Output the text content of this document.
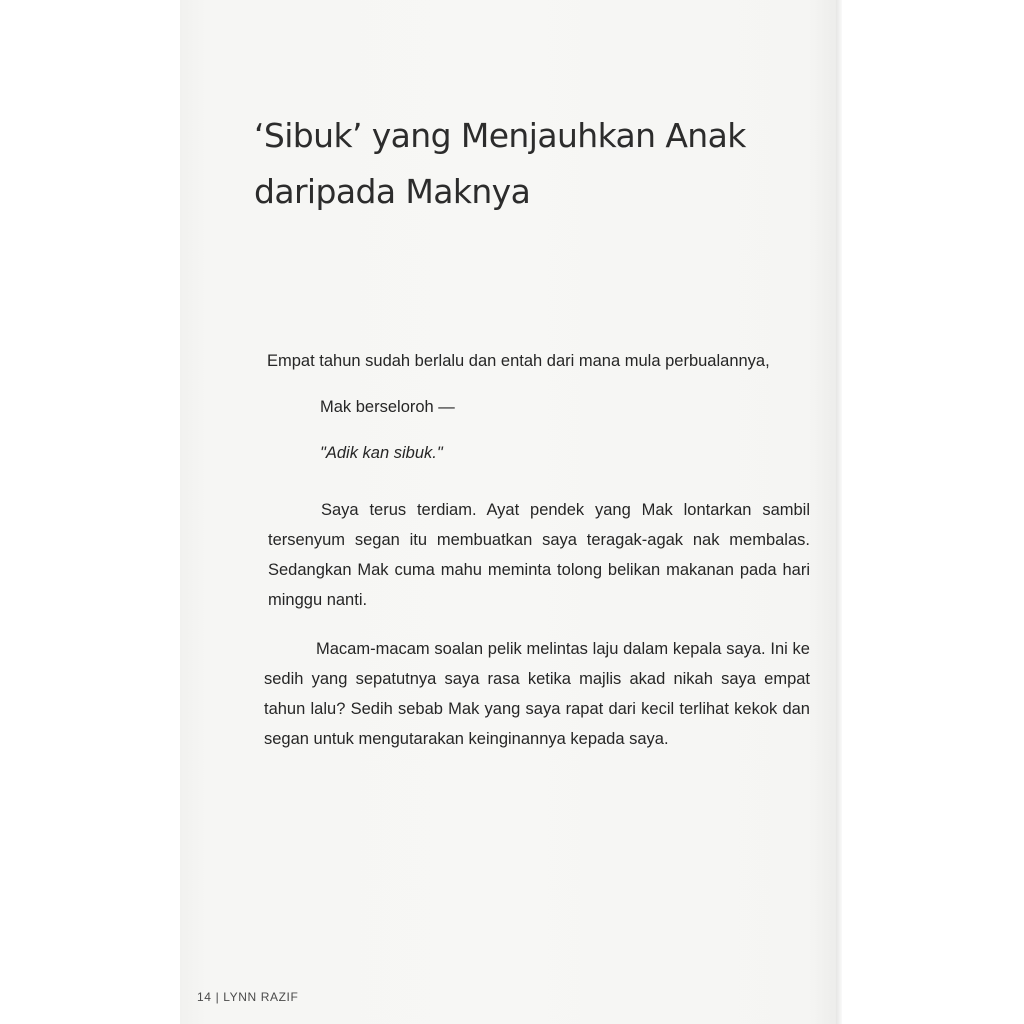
‘Sibuk’ yang Menjauhkan Anak
daripada Maknya
Empat tahun sudah berlalu dan entah dari mana mula perbualannya,
Mak berseloroh —
"Adik kan sibuk."

Saya terus terdiam. Ayat pendek yang Mak lontarkan sambil tersenyum segan itu membuatkan saya teragak-agak nak membalas. Sedangkan Mak cuma mahu meminta tolong belikan makanan pada hari minggu nanti.

Macam-macam soalan pelik melintas laju dalam kepala saya. Ini ke sedih yang sepatutnya saya rasa ketika majlis akad nikah saya empat tahun lalu? Sedih sebab Mak yang saya rapat dari kecil terlihat kekok dan segan untuk mengutarakan keinginannya kepada saya.

14 | LYNN RAZIF
